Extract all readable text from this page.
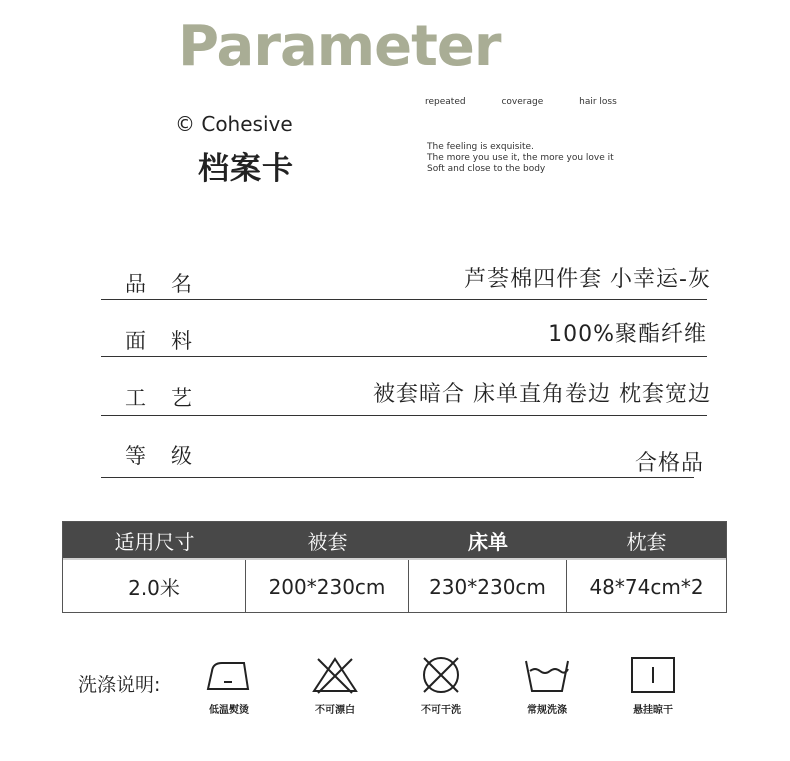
Parameter
© Cohesive
档案卡
repeated	coverage	hair loss
The feeling is exquisite.
The more you use it, the more you love it
Soft and close to the body
品名	芦荟棉四件套 小幸运-灰
面料	100%聚酯纤维
工艺	被套暗合 床单直角卷边 枕套宽边
等级	合格品
适用尺寸	被套	床单	枕套
2.0米	200*230cm	230*230cm	48*74cm*2
洗涤说明:
低温熨烫	不可漂白	不可干洗	常规洗涤	悬挂晾干
